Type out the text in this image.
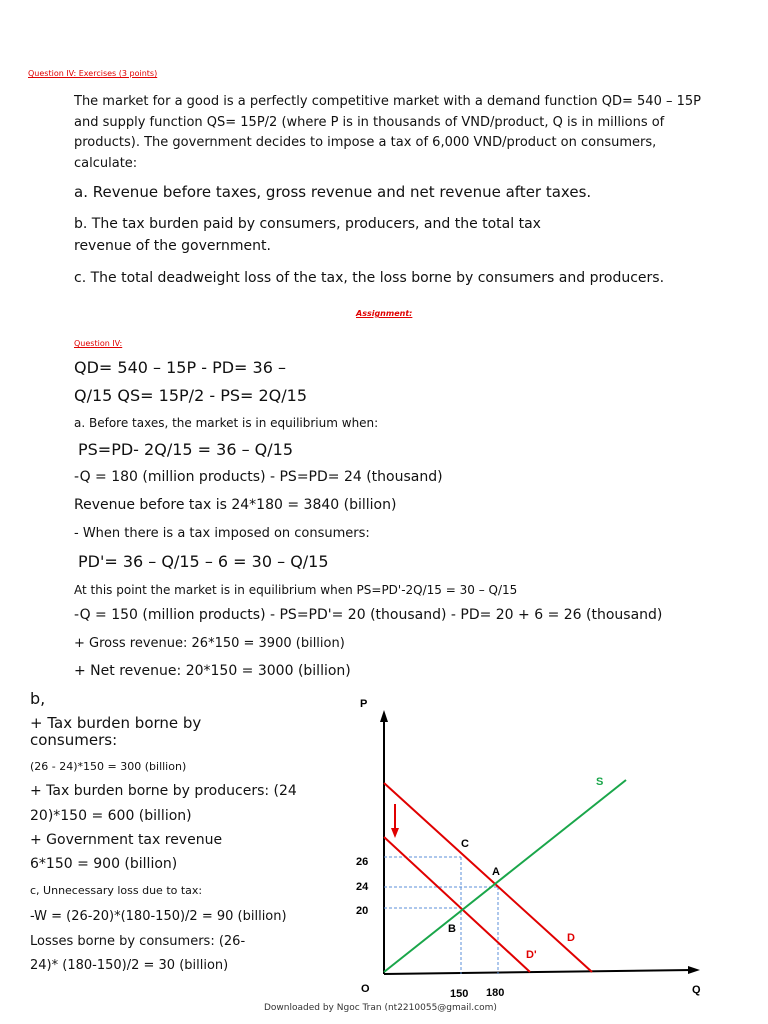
Question IV: Exercises (3 points)
The market for a good is a perfectly competitive market with a demand function QD= 540 – 15P and supply function QS= 15P/2 (where P is in thousands of VND/product, Q is in millions of products). The government decides to impose a tax of 6,000 VND/product on consumers, calculate:
a. Revenue before taxes, gross revenue and net revenue after taxes.
b. The tax burden paid by consumers, producers, and the total tax
revenue of the government.
c. The total deadweight loss of the tax, the loss borne by consumers and producers.
Assignment:
Question IV:
QD= 540 – 15P - PD= 36 –
Q/15 QS= 15P/2 - PS= 2Q/15
a. Before taxes, the market is in equilibrium when:
PS=PD- 2Q/15 = 36 – Q/15
-Q = 180 (million products) - PS=PD= 24 (thousand)
Revenue before tax is 24*180 = 3840 (billion)
- When there is a tax imposed on consumers:
PD'= 36 – Q/15 – 6 = 30 – Q/15
At this point the market is in equilibrium when PS=PD'-2Q/15 = 30 – Q/15
-Q = 150 (million products) - PS=PD'= 20 (thousand) - PD= 20 + 6 = 26 (thousand)
+ Gross revenue: 26*150 = 3900 (billion)
+ Net revenue: 20*150 = 3000 (billion)
b,
+ Tax burden borne by
consumers:
(26 - 24)*150 = 300 (billion)
+ Tax burden borne by producers: (24
20)*150 = 600 (billion)
+ Government tax revenue
6*150 = 900 (billion)
c, Unnecessary loss due to tax:
-W = (26-20)*(180-150)/2 = 90 (billion)
Losses borne by consumers: (26-
24)* (180-150)/2 = 30 (billion)
P
Q
O
26
24
20
150 180
S
D
D'
A
B
C
Downloaded by Ngoc Tran (nt2210055@gmail.com)
